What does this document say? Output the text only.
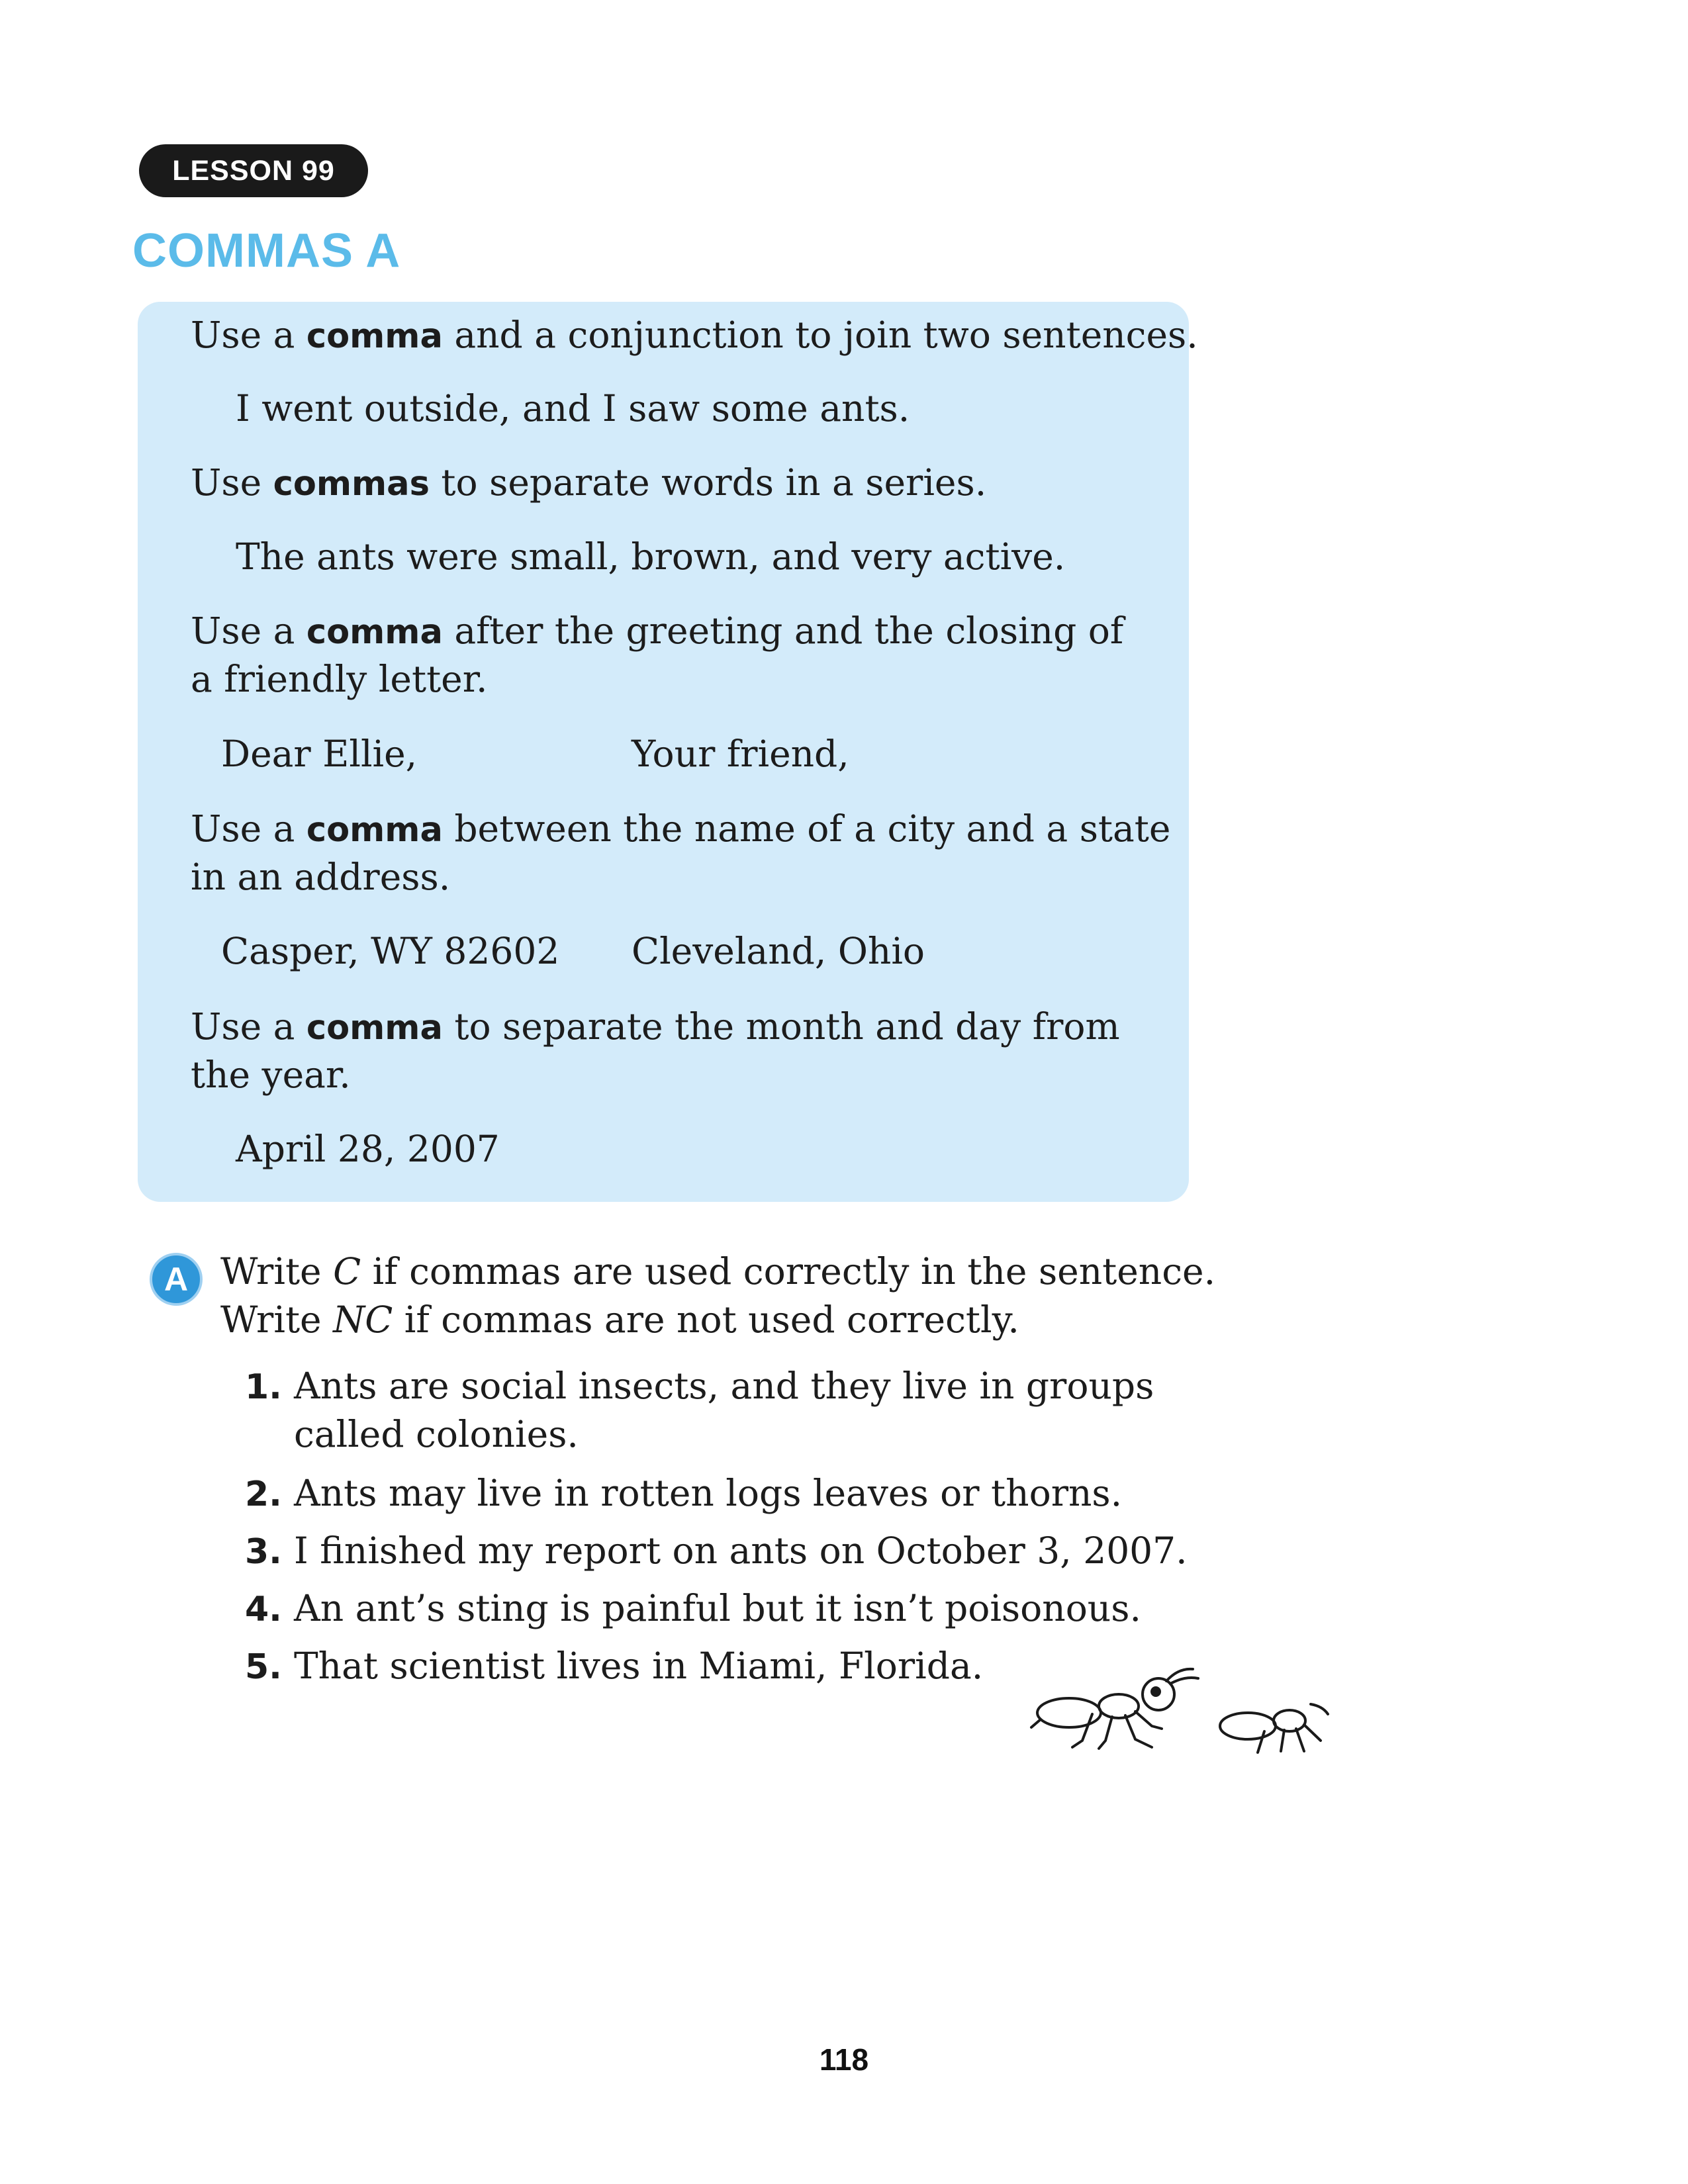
LESSON 99
COMMAS A
Use a comma and a conjunction to join two sentences.
I went outside, and I saw some ants.
Use commas to separate words in a series.
The ants were small, brown, and very active.
Use a comma after the greeting and the closing of
a friendly letter.
Dear Ellie,	Your friend,
Use a comma between the name of a city and a state
in an address.
Casper, WY 82602 Cleveland, Ohio
Use a comma to separate the month and day from
the year.
April 28, 2007
A Write C if commas are used correctly in the sentence.
Write NC if commas are not used correctly.
1. Ants are social insects, and they live in groups
called colonies.
2. Ants may live in rotten logs leaves or thorns.
3. I finished my report on ants on October 3, 2007.
4. An ant’s sting is painful but it isn’t poisonous.
5. That scientist lives in Miami, Florida.
118
